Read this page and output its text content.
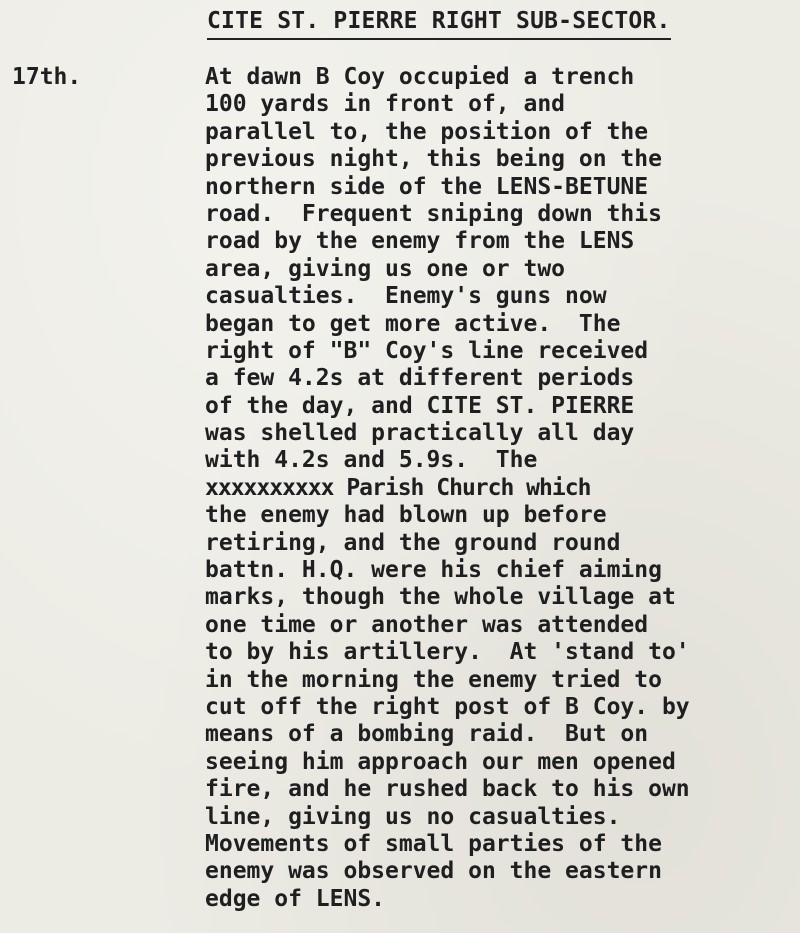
CITE ST. PIERRE RIGHT SUB-SECTOR.
17th.	At dawn B Coy occupied a trench
100 yards in front of, and
parallel to, the position of the
previous night, this being on the
northern side of the LENS-BETUNE
road.  Frequent sniping down this
road by the enemy from the LENS
area, giving us one or two
casualties.  Enemy's guns now
began to get more active.  The
right of "B" Coy's line received
a few 4.2s at different periods
of the day, and CITE ST. PIERRE
was shelled practically all day
with 4.2s and 5.9s.  The
xxxxxxxxxx Parish Church which
the enemy had blown up before
retiring, and the ground round
battn. H.Q. were his chief aiming
marks, though the whole village at
one time or another was attended
to by his artillery.  At 'stand to'
in the morning the enemy tried to
cut off the right post of B Coy. by
means of a bombing raid.  But on
seeing him approach our men opened
fire, and he rushed back to his own
line, giving us no casualties.
Movements of small parties of the
enemy was observed on the eastern
edge of LENS.
